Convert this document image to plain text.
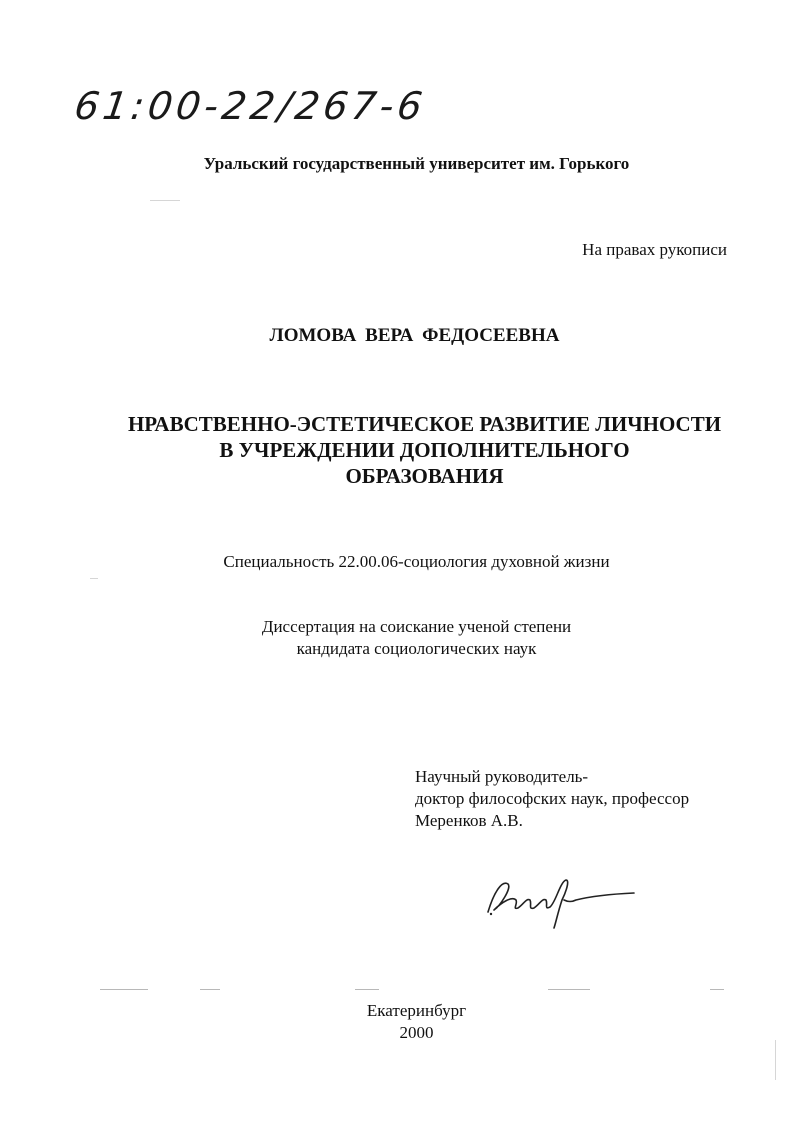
61:00-22/267-6
Уральский государственный университет им. Горького
На правах рукописи
ЛОМОВА ВЕРА ФЕДОСЕЕВНА
НРАВСТВЕННО-ЭСТЕТИЧЕСКОЕ РАЗВИТИЕ ЛИЧНОСТИ
В УЧРЕЖДЕНИИ ДОПОЛНИТЕЛЬНОГО
ОБРАЗОВАНИЯ
Специальность 22.00.06-социология духовной жизни
Диссертация на соискание ученой степени
кандидата социологических наук
Научный руководитель-
доктор философских наук, профессор
Меренков А.В.
Екатеринбург
2000
